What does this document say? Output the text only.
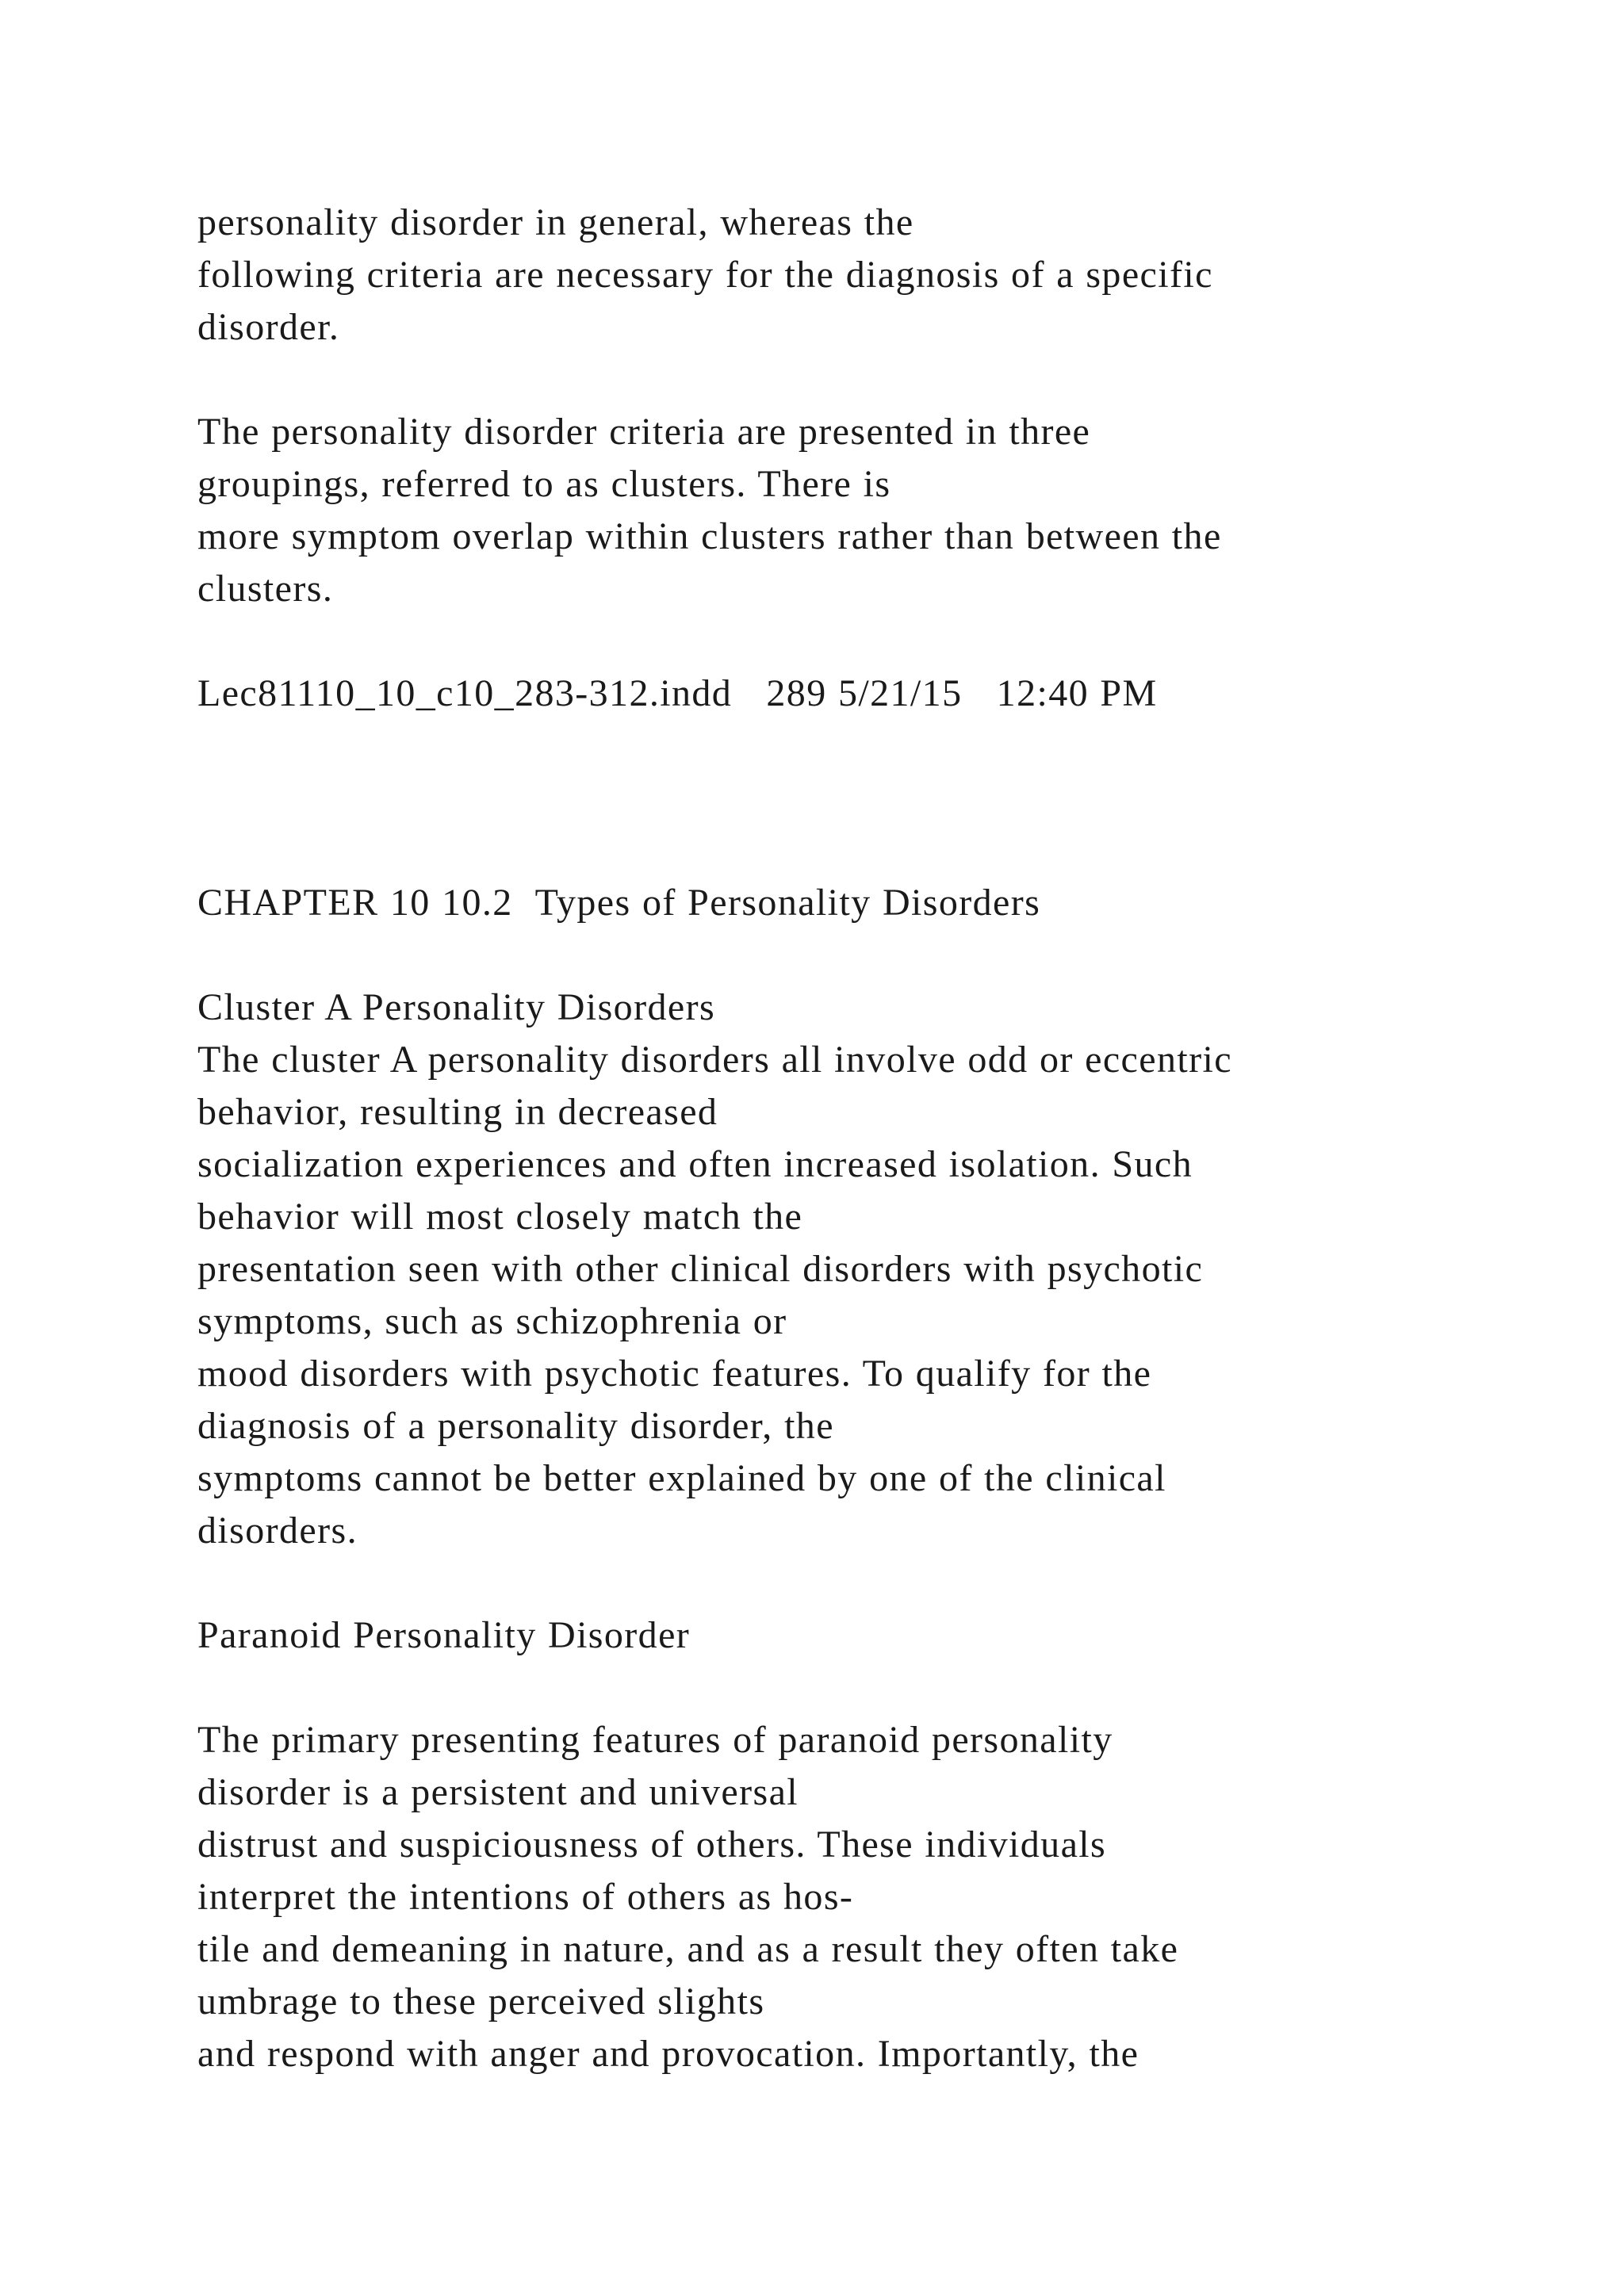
personality disorder in general, whereas the
following criteria are necessary for the diagnosis of a specific
disorder.
The personality disorder criteria are presented in three
groupings, referred to as clusters. There is
more symptom overlap within clusters rather than between the
clusters.
Lec81110_10_c10_283-312.indd   289 5/21/15   12:40 PM
CHAPTER 10 10.2  Types of Personality Disorders
Cluster A Personality Disorders
The cluster A personality disorders all involve odd or eccentric
behavior, resulting in decreased
socialization experiences and often increased isolation. Such
behavior will most closely match the
presentation seen with other clinical disorders with psychotic
symptoms, such as schizophrenia or
mood disorders with psychotic features. To qualify for the
diagnosis of a personality disorder, the
symptoms cannot be better explained by one of the clinical
disorders.
Paranoid Personality Disorder
The primary presenting features of paranoid personality
disorder is a persistent and universal
distrust and suspiciousness of others. These individuals
interpret the intentions of others as hos-
tile and demeaning in nature, and as a result they often take
umbrage to these perceived slights
and respond with anger and provocation. Importantly, the
